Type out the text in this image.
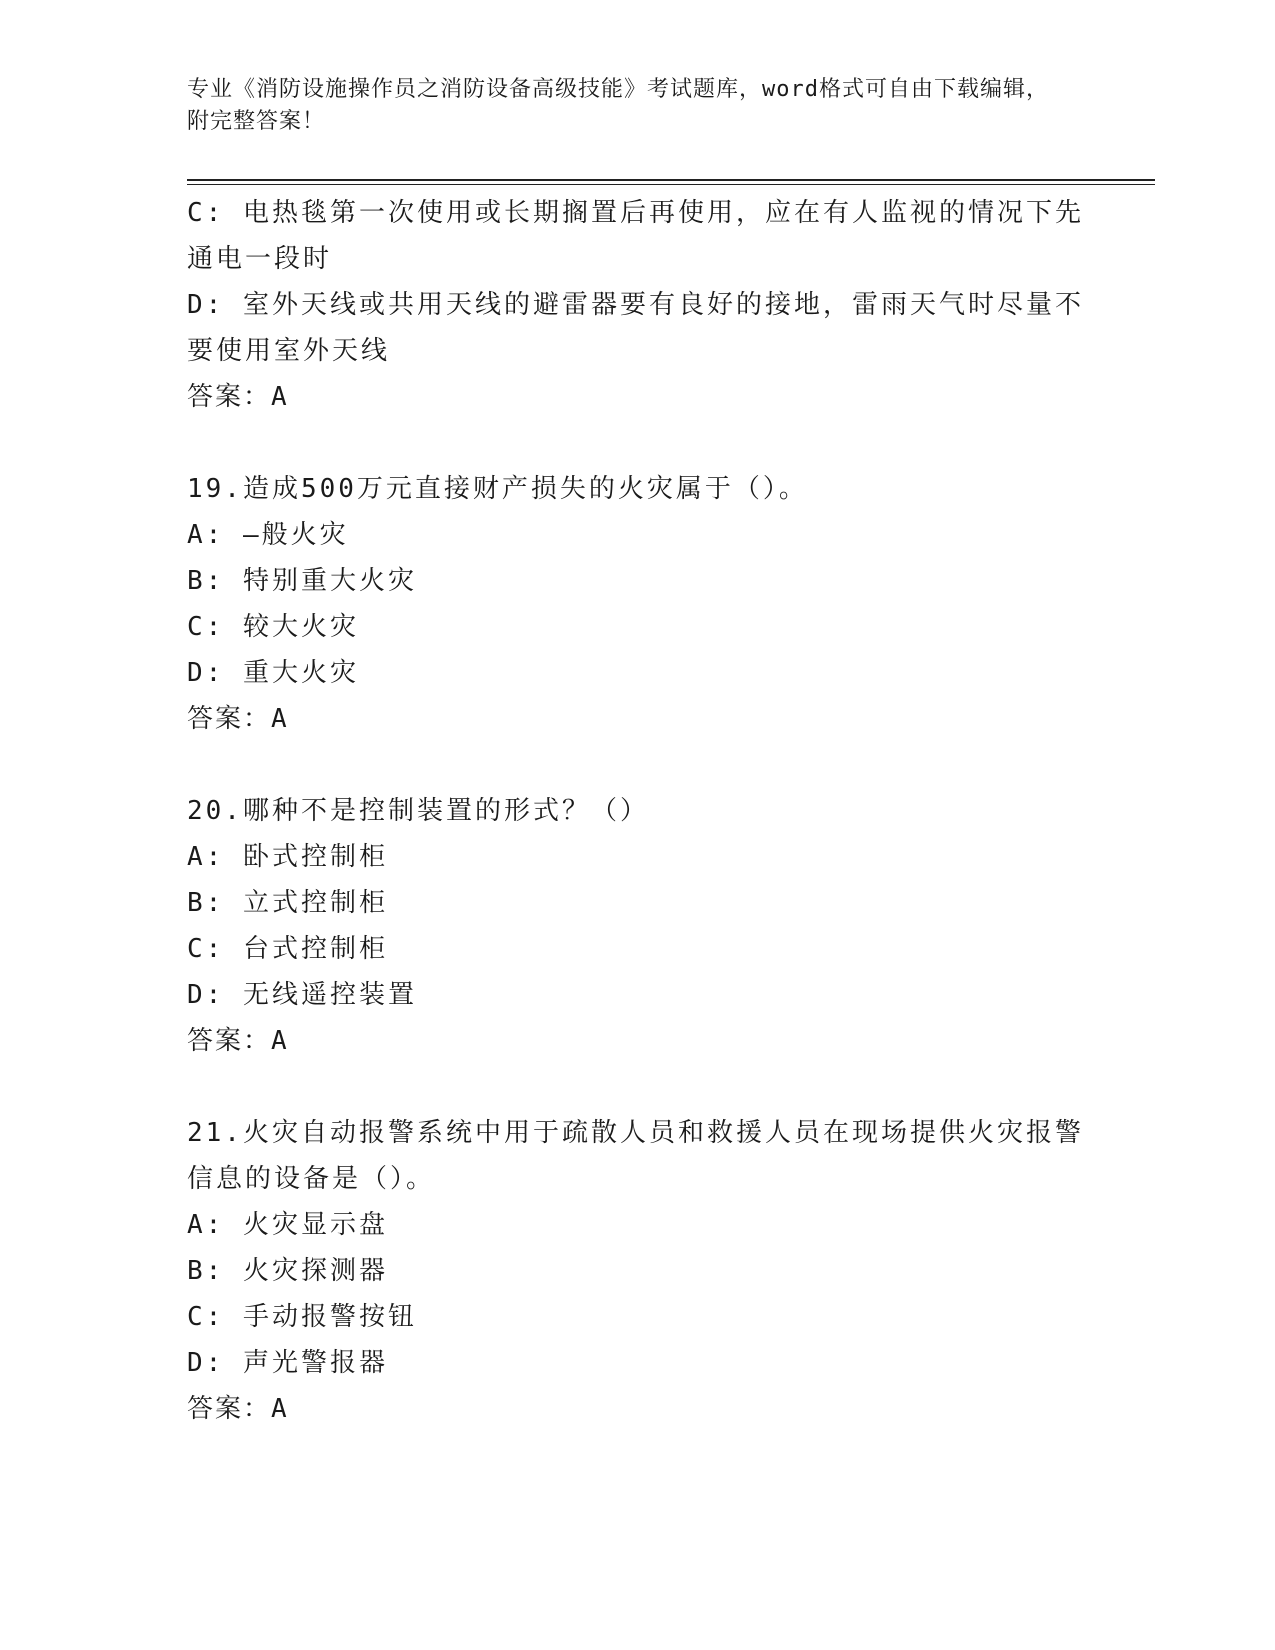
专业《消防设施操作员之消防设备高级技能》考试题库，word格式可自由下载编辑，附完整答案！
C: 电热毯第一次使用或长期搁置后再使用，应在有人监视的情况下先
通电一段时
D: 室外天线或共用天线的避雷器要有良好的接地，雷雨天气时尽量不
要使用室外天线
答案：A
19.造成500万元直接财产损失的火灾属于（）。
A: —般火灾
B: 特别重大火灾
C: 较大火灾
D: 重大火灾
答案：A
20.哪种不是控制装置的形式？（）
A: 卧式控制柜
B: 立式控制柜
C: 台式控制柜
D: 无线遥控装置
答案：A
21.火灾自动报警系统中用于疏散人员和救援人员在现场提供火灾报警
信息的设备是（）。
A: 火灾显示盘
B: 火灾探测器
C: 手动报警按钮
D: 声光警报器
答案：A
